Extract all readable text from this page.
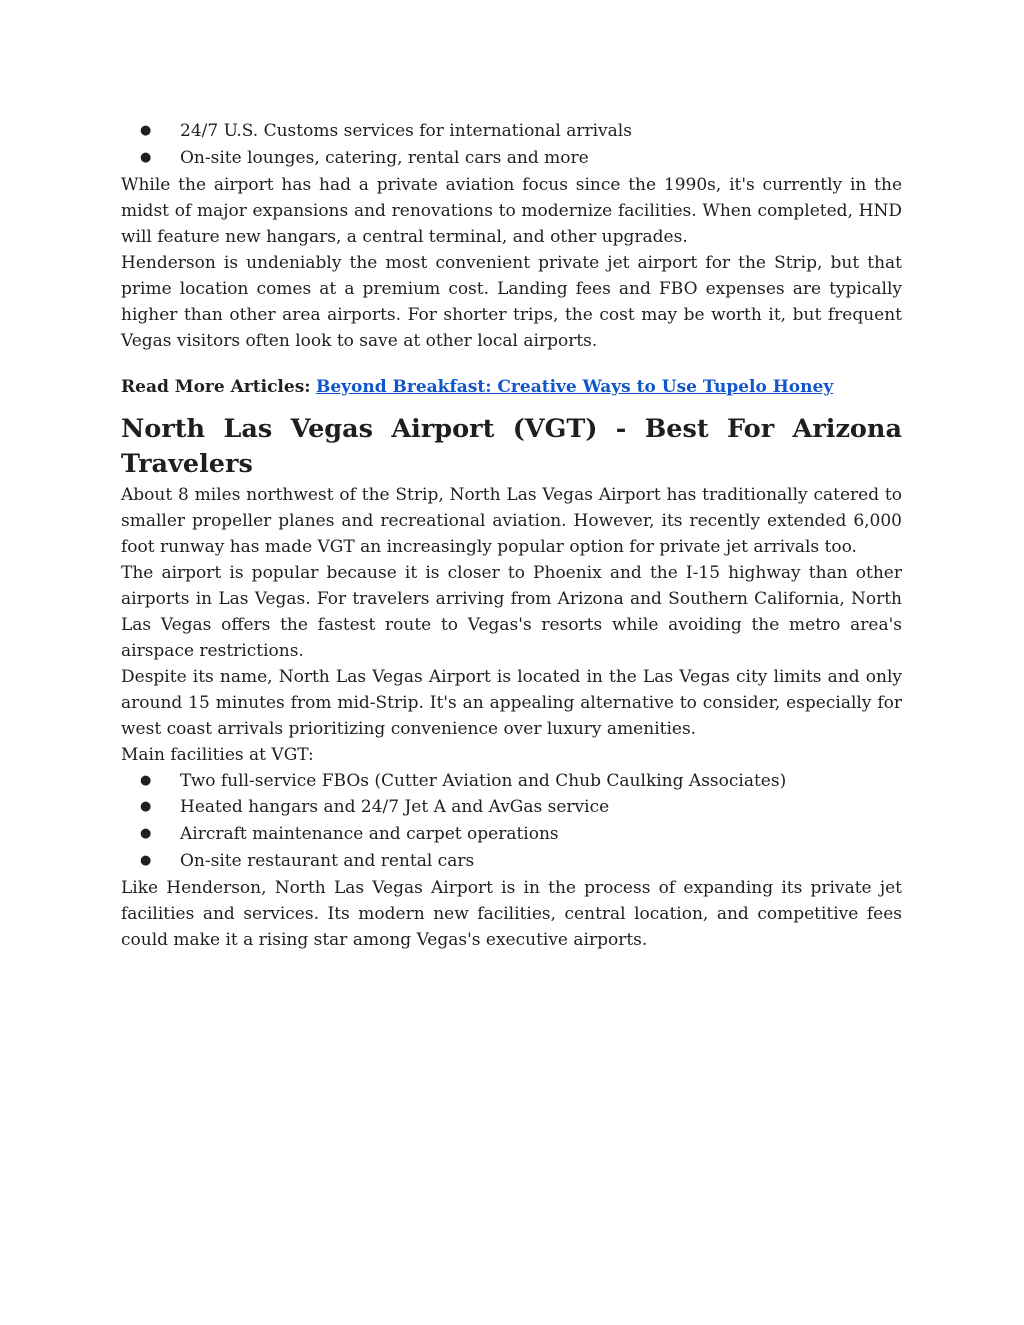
● 24/7 U.S. Customs services for international arrivals
● On-site lounges, catering, rental cars and more

While the airport has had a private aviation focus since the 1990s, it's currently in the midst of major expansions and renovations to modernize facilities. When completed, HND will feature new hangars, a central terminal, and other upgrades.

Henderson is undeniably the most convenient private jet airport for the Strip, but that prime location comes at a premium cost. Landing fees and FBO expenses are typically higher than other area airports. For shorter trips, the cost may be worth it, but frequent Vegas visitors often look to save at other local airports.

Read More Articles: Beyond Breakfast: Creative Ways to Use Tupelo Honey
North Las Vegas Airport (VGT) - Best For Arizona
Travelers

About 8 miles northwest of the Strip, North Las Vegas Airport has traditionally catered to smaller propeller planes and recreational aviation. However, its recently extended 6,000 foot runway has made VGT an increasingly popular option for private jet arrivals too.

The airport is popular because it is closer to Phoenix and the I-15 highway than other airports in Las Vegas. For travelers arriving from Arizona and Southern California, North Las Vegas offers the fastest route to Vegas's resorts while avoiding the metro area's airspace restrictions.

Despite its name, North Las Vegas Airport is located in the Las Vegas city limits and only around 15 minutes from mid-Strip. It's an appealing alternative to consider, especially for west coast arrivals prioritizing convenience over luxury amenities.

Main facilities at VGT:

● Two full-service FBOs (Cutter Aviation and Chub Caulking Associates)
● Heated hangars and 24/7 Jet A and AvGas service
● Aircraft maintenance and carpet operations
● On-site restaurant and rental cars

Like Henderson, North Las Vegas Airport is in the process of expanding its private jet facilities and services. Its modern new facilities, central location, and competitive fees could make it a rising star among Vegas's executive airports.
